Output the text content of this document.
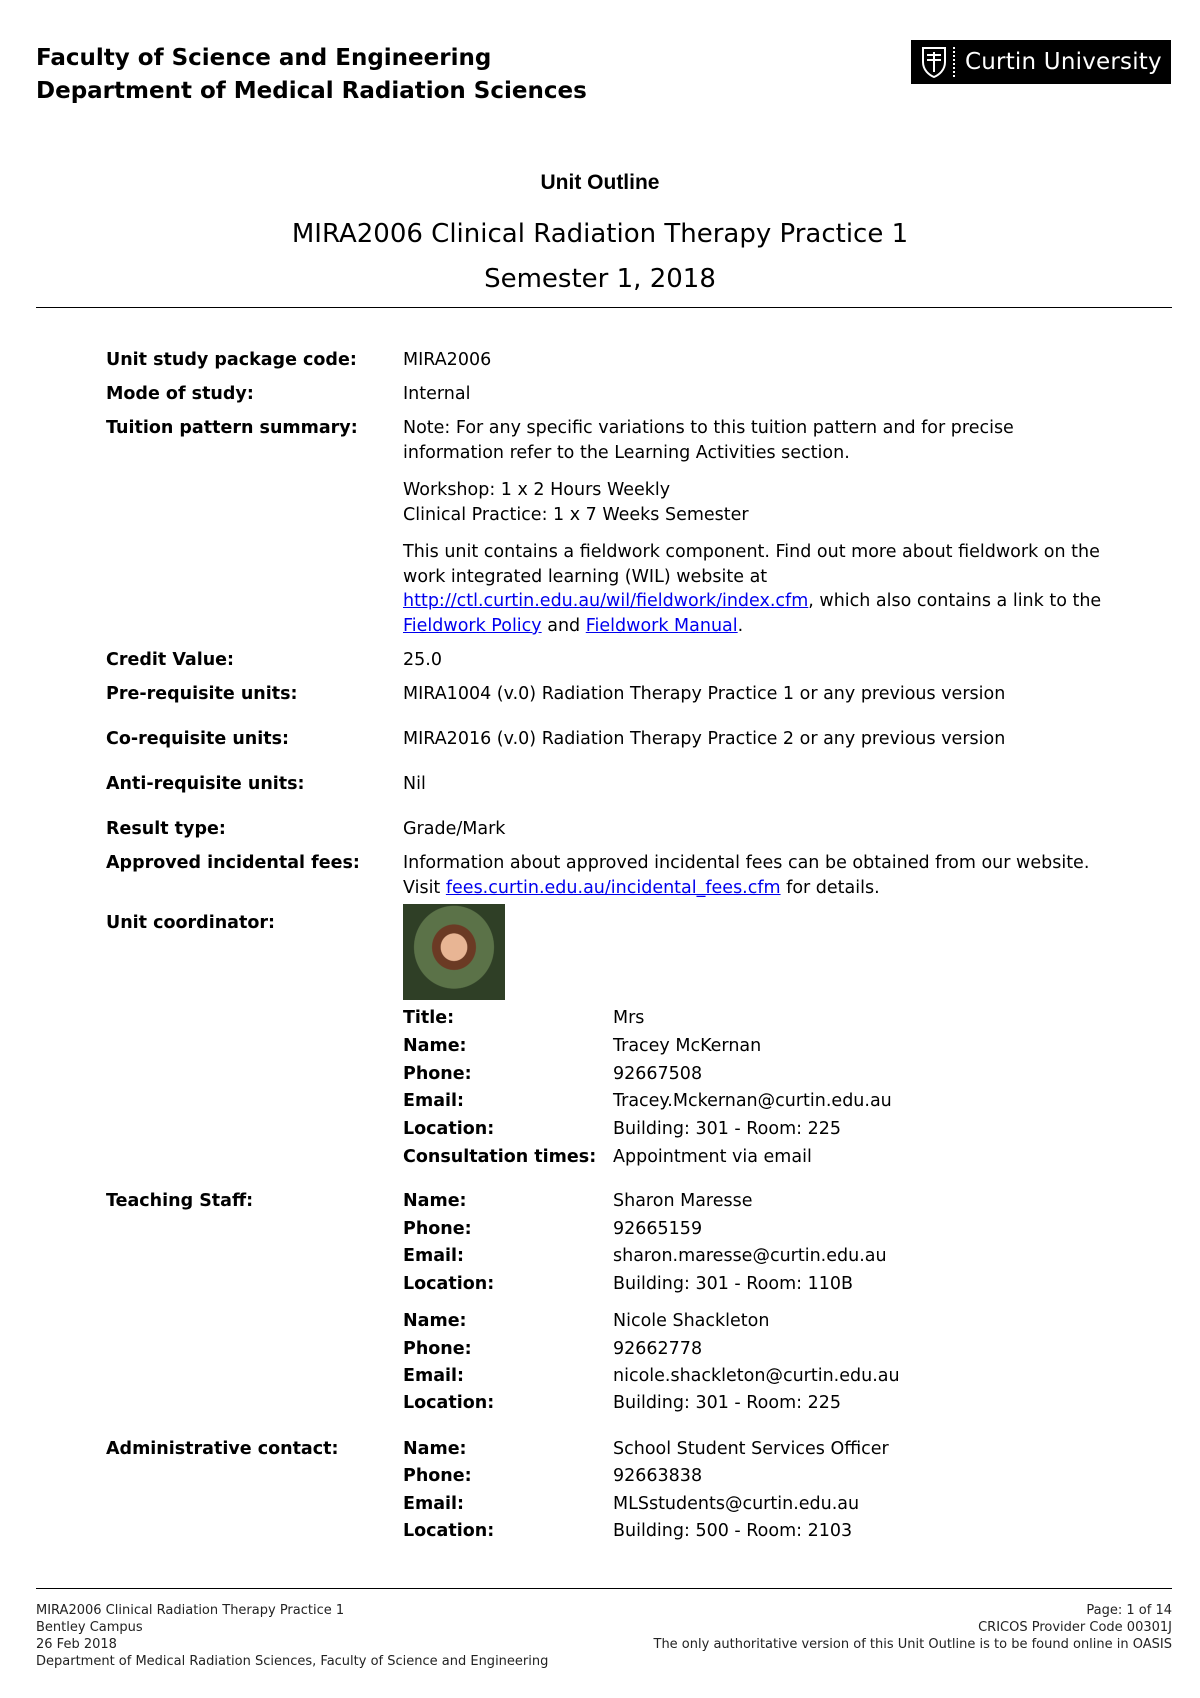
Faculty of Science and Engineering
Department of Medical Radiation Sciences
Curtin University
Unit Outline
MIRA2006 Clinical Radiation Therapy Practice 1
Semester 1, 2018
Unit study package code:	MIRA2006
Mode of study:	Internal
Tuition pattern summary:	Note: For any specific variations to this tuition pattern and for precise
information refer to the Learning Activities section.
Workshop: 1 x 2 Hours Weekly
Clinical Practice: 1 x 7 Weeks Semester
This unit contains a fieldwork component. Find out more about fieldwork on the
work integrated learning (WIL) website at
http://ctl.curtin.edu.au/wil/fieldwork/index.cfm, which also contains a link to the
Fieldwork Policy and Fieldwork Manual.
Credit Value:	25.0
Pre-requisite units:	MIRA1004 (v.0) Radiation Therapy Practice 1 or any previous version
Co-requisite units:	MIRA2016 (v.0) Radiation Therapy Practice 2 or any previous version
Anti-requisite units:	Nil
Result type:	Grade/Mark
Approved incidental fees: Information about approved incidental fees can be obtained from our website.
Visit fees.curtin.edu.au/incidental_fees.cfm for details.
Unit coordinator:
Title:	Mrs
Name:	Tracey McKernan
Phone:	92667508
Email:	Tracey.Mckernan@curtin.edu.au
Location:	Building: 301 - Room: 225
Consultation times: Appointment via email
Teaching Staff:	Name:	Sharon Maresse
Phone:	92665159
Email:	sharon.maresse@curtin.edu.au
Location:	Building: 301 - Room: 110B
Name:	Nicole Shackleton
Phone:	92662778
Email:	nicole.shackleton@curtin.edu.au
Location:	Building: 301 - Room: 225
Administrative contact:	Name:	School Student Services Officer
Phone:	92663838
Email:	MLSstudents@curtin.edu.au
Location:	Building: 500 - Room: 2103
MIRA2006 Clinical Radiation Therapy Practice 1
Bentley Campus
26 Feb 2018
Department of Medical Radiation Sciences, Faculty of Science and Engineering
Page: 1 of 14
CRICOS Provider Code 00301J
The only authoritative version of this Unit Outline is to be found online in OASIS
